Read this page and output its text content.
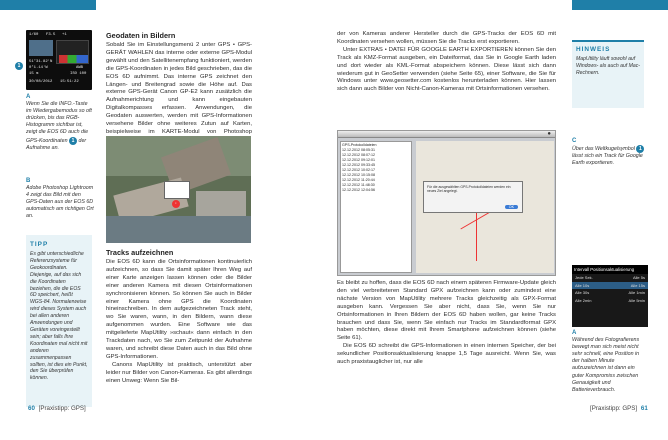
1/60 F3.5 +1
51°31.82'N
0°1.14'W
15 m
30/08/2012 15:51:22
AWB
ISO 100
1
A
Wenn Sie die INFO.-Taste im Wiedergabemodus so oft drücken, bis das RGB-Histogramm sichtbar ist, zeigt die EOS 6D auch die GPS-Koordinaten 1 der Aufnahme an.
B
Adobe Photoshop Lightroom 4 zeigt das Bild mit den GPS-Daten aus der EOS 6D automatisch am richtigen Ort an.
TIPP
Es gibt unterschiedliche Referenzsysteme für Geokoordinaten. Diejenige, auf das sich die Koordinaten beziehen, die die EOS 6D speichert, heißt WGS-84. Normalerweise wird dieses System auch bei allen anderen Anwendungen und Geräten voreingestellt sein; aber falls Ihre Koordinaten mal nicht mit anderen zusammenpassen sollten, ist dies ein Punkt, den Sie überprüfen können.
Geodaten in Bildern
Sobald Sie im Einstellungsmenü 2 unter GPS • GPS-GERÄT WAHLEN das interne oder externe GPS-Modul gewählt und den Satellitenempfang funktioniert, werden die GPS-Koordinaten in jedes Bild geschrieben, das die EOS 6D aufnimmt. Das interne GPS zeichnet den Längen- und Breitengrad sowie die Höhe auf. Das externe GPS-Gerät Canon GP-E2 kann zusätzlich die Aufnahmerichtung und kann eingebauten Digitalkompasses erfassen. Anwendungen, die Geodaten auswerten, werden mit GPS-Informationen versehene Bilder ohne weiteres Zutun auf Karten, beispielweise im KARTE-Modul von Photoshop
·
Tracks aufzeichnen
Die EOS 6D kann die Ortsinformationen kontinuierlich aufzeichnen, so dass Sie damit später Ihren Weg auf einer Karte anzeigen lassen können oder die Bilder einer anderen Kamera mit diesen Ortsinformationen synchronisieren können. So können Sie auch in Bilder einer Kamera ohne GPS die Koordinaten hineinschreiben. In dem aufgezeichneten Track steht, wo Sie waren, wann, in den Bildern, wann diese aufgenommen wurden. Eine Software wie das mitgelieferte MapUtility »schaut« dann einfach in den Trackdaten nach, wo Sie zum Zeitpunkt der Aufnahme waren, und schreibt diese Daten auch in das Bild ohne GPS-Informationen.
Canons MapUtility ist praktisch, unterstützt aber leider nur Bilder von Canon-Kameras. Es gibt allerdings einen Unweg: Wenn Sie Bil-
60 [Praxistipp: GPS]
der von Kameras anderer Hersteller durch die GPS-Tracks der EOS 6D mit Koordinaten versehen wollen, müssen Sie die Tracks erst exportieren.
Unter EXTRAS • DATEI FÜR GOOGLE EARTH EXPORTIEREN können Sie den Track als KMZ-Format ausgeben, ein Dateiformat, das Sie in Google Earth laden und dort wieder als KML-Format abspeichern können. Diese lässt sich dann wiederum gut in GeoSetter verwenden (siehe Seite 65), einer Software, die Sie für Windows unter www.geosetter.com kostenlos herunterladen können. Hier lassen sich dann auch Bilder von Nicht-Canon-Kameras mit Ortsinformationen versehen.
GPS-Protokolldateien
12.12.2012 08:05:31
12.12.2012 08:07:12
12.12.2012 09:12:01
12.12.2012 09:33:45
12.12.2012 10:02:17
12.12.2012 10:15:08
12.12.2012 11:20:44
12.12.2012 11:48:30
12.12.2012 12:04:56
Für die ausgewählten GPS-Protokolldateien werden ein neues Ziel angelegt.
OK
●
Es bleibt zu hoffen, dass die EOS 6D nach einem späteren Firmware-Update gleich den viel verbreiteteren Standard GPX aufzeichnen kann oder zumindest eine nächste Version von MapUtility mehrere Tracks gleichzeitig als GPX-Format ausgeben kann. Vergessen Sie aber nicht, dass Sie, wenn Sie nur Ortsinformationen in Ihren Bildern der EOS 6D haben wollen, gar keine Tracks brauchen und dass Sie, wenn Sie einfach nur Tracks im Standardformat GPX haben möchten, diese direkt mit Ihrem Smartphone aufzeichnen können (siehe Seite 61).
Die EOS 6D schreibt die GPS-Informationen in einen internen Speicher, der bei sekundlicher Positionsaktualisierung knappe 1,5 Tage ausreicht. Wenn Sie, was auch praxistauglicher ist, nur alle
HINWEIS
MapUtility läuft sowohl auf Windows- als auch auf Mac-Rechnern.
C
Über das Weltkugelsymbol 1 lässt sich ein Track für Google Earth exportieren.
Intervall Positionsaktualisierung
Jede Sek.	Alle 5s
Alle 10s	Alle 15s
Alle 30s	Alle 1min
Alle 2min	Alle 5min
A
Während des Fotografierens bewegt man sich meist nicht sehr schnell, eine Position in der halben Minute aufzuzeichnen ist dann ein guter Kompromiss zwischen Genauigkeit und Batterieverbrauch.
[Praxistipp: GPS] 61
